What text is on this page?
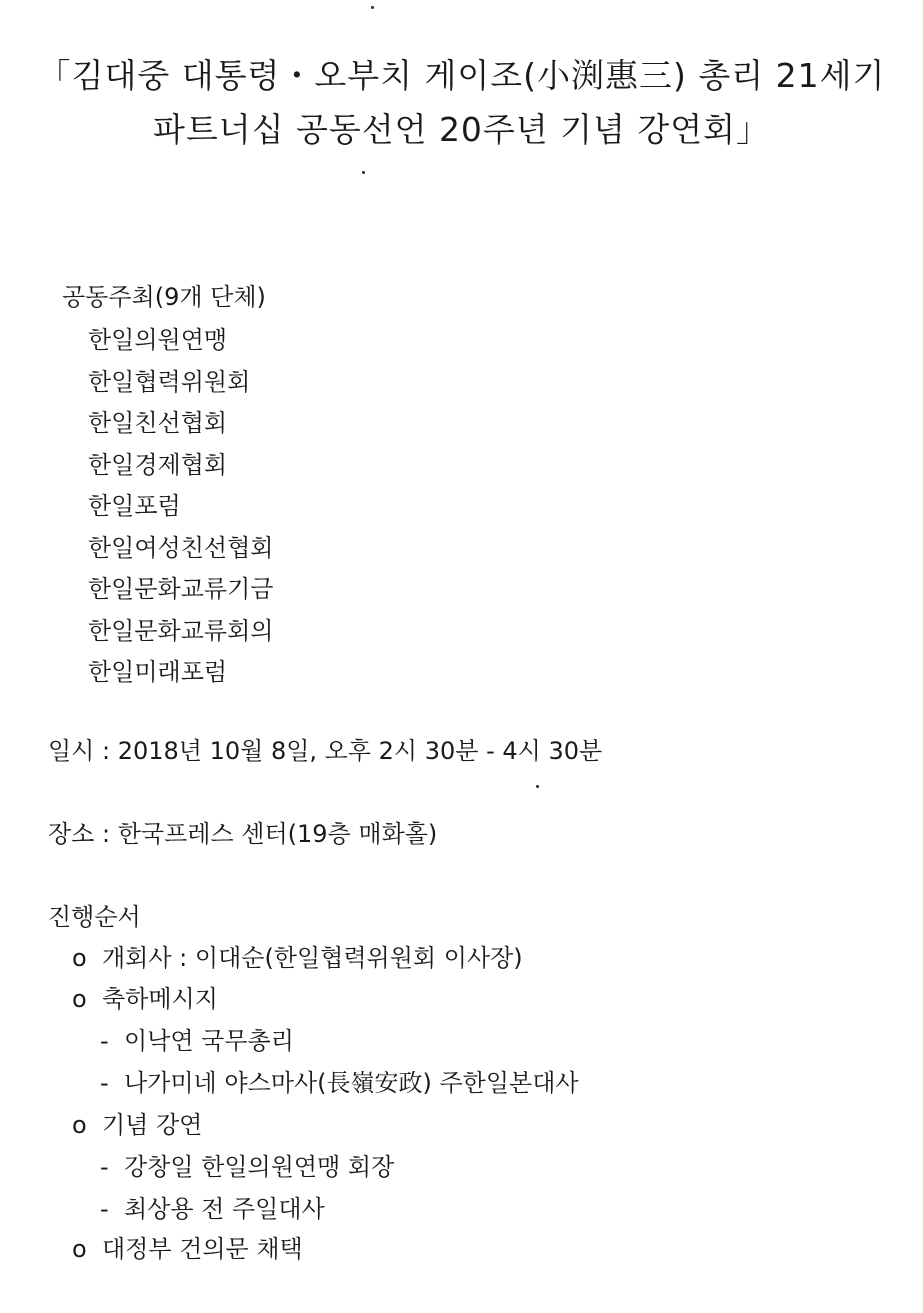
「김대중 대통령・오부치 게이조(小渕惠三) 총리 21세기
파트너십 공동선언 20주년 기념 강연회」
공동주최(9개 단체)
한일의원연맹
한일협력위원회
한일친선협회
한일경제협회
한일포럼
한일여성친선협회
한일문화교류기금
한일문화교류회의
한일미래포럼
일시 : 2018년 10월 8일, 오후 2시 30분 - 4시 30분
장소 : 한국프레스 센터(19층 매화홀)
진행순서
o 개회사 : 이대순(한일협력위원회 이사장)
o 축하메시지
- 이낙연 국무총리
- 나가미네 야스마사(長嶺安政) 주한일본대사
o 기념 강연
- 강창일 한일의원연맹 회장
- 최상용 전 주일대사
o 대정부 건의문 채택
